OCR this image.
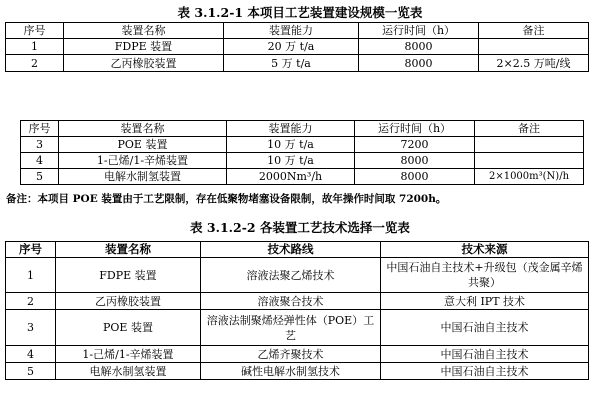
表 3.1.2-1 本项目工艺装置建设规模一览表
序号	装置名称	装置能力	运行时间（h）	备注
1	FDPE 装置	20 万 t/a	8000	
2	乙丙橡胶装置	5 万 t/a	8000	2×2.5 万吨/线
序号	装置名称	装置能力	运行时间（h）	备注
3	POE 装置	10 万 t/a	7200	
4	1-己烯/1-辛烯装置	10 万 t/a	8000	
5	电解水制氢装置	2000Nm³/h	8000	2×1000m³(N)/h
备注：本项目 POE 装置由于工艺限制，存在低聚物堵塞设备限制，故年操作时间取 7200h。
表 3.1.2-2 各装置工艺技术选择一览表
序号	装置名称	技术路线	技术来源
1	FDPE 装置	溶液法聚乙烯技术	中国石油自主技术+升级包（茂金属辛烯共聚）
2	乙丙橡胶装置	溶液聚合技术	意大利 IPT 技术
3	POE 装置	溶液法制聚烯烃弹性体（POE）工艺	中国石油自主技术
4	1-己烯/1-辛烯装置	乙烯齐聚技术	中国石油自主技术
5	电解水制氢装置	碱性电解水制氢技术	中国石油自主技术
